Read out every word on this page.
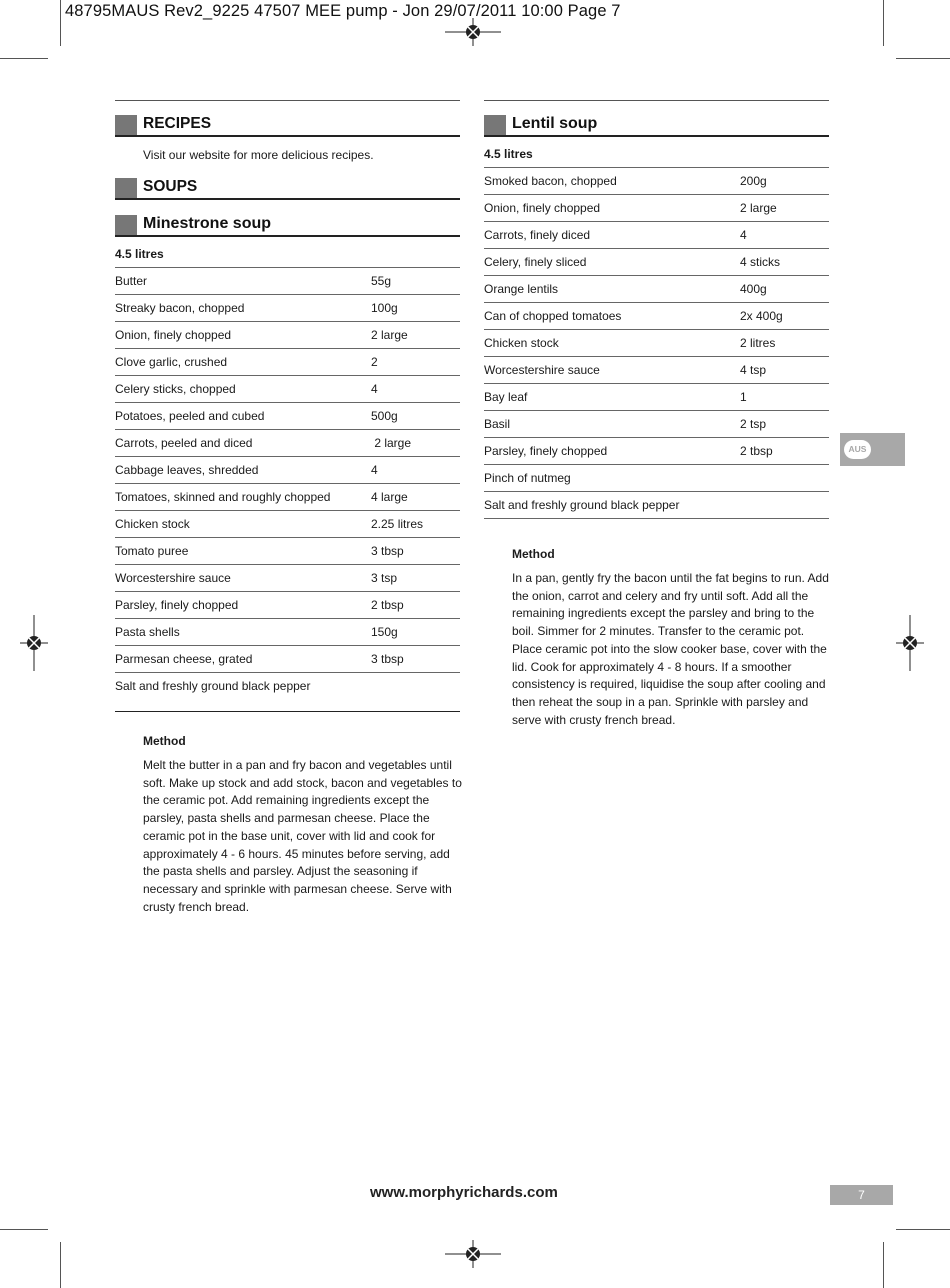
48795MAUS Rev2_9225 47507 MEE pump - Jon 29/07/2011 10:00 Page 7
RECIPES

Visit our website for more delicious recipes.

SOUPS
Minestrone soup
4.5 litres
Butter	55g
Streaky bacon, chopped	100g
Onion, finely chopped	2 large
Clove garlic, crushed	2
Celery sticks, chopped	4
Potatoes, peeled and cubed	500g
Carrots, peeled and diced	2 large
Cabbage leaves, shredded	4
Tomatoes, skinned and roughly chopped	4 large
Chicken stock	2.25 litres
Tomato puree	3 tbsp
Worcestershire sauce	3 tsp
Parsley, finely chopped	2 tbsp
Pasta shells	150g
Parmesan cheese, grated	3 tbsp
Salt and freshly ground black pepper
Method

Melt the butter in a pan and fry bacon and vegetables until soft. Make up stock and add stock, bacon and vegetables to the ceramic pot. Add remaining ingredients except the parsley, pasta shells and parmesan cheese. Place the ceramic pot in the base unit, cover with lid and cook for approximately 4 - 6 hours. 45 minutes before serving, add the pasta shells and parsley. Adjust the seasoning if necessary and sprinkle with parmesan cheese. Serve with crusty french bread.

Lentil soup
4.5 litres
Smoked bacon, chopped	200g
Onion, finely chopped	2 large
Carrots, finely diced	4
Celery, finely sliced	4 sticks
Orange lentils	400g
Can of chopped tomatoes	2x 400g
Chicken stock	2 litres
Worcestershire sauce	4 tsp
Bay leaf	1
Basil	2 tsp
Parsley, finely chopped	2 tbsp
Pinch of nutmeg
Salt and freshly ground black pepper
Method

In a pan, gently fry the bacon until the fat begins to run. Add the onion, carrot and celery and fry until soft. Add all the remaining ingredients except the parsley and bring to the boil. Simmer for 2 minutes. Transfer to the ceramic pot. Place ceramic pot into the slow cooker base, cover with the lid. Cook for approximately 4 - 8 hours. If a smoother consistency is required, liquidise the soup after cooling and then reheat the soup in a pan. Sprinkle with parsley and serve with crusty french bread.

AUS
www.morphyrichards.com	7
